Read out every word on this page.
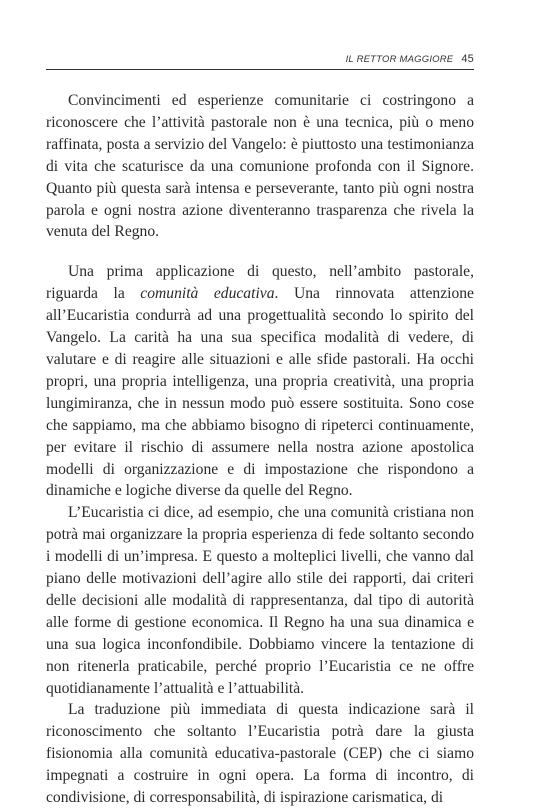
IL RETTOR MAGGIORE 45

Convincimenti ed esperienze comunitarie ci costringono a riconoscere che l’attività pastorale non è una tecnica, più o meno raffinata, posta a servizio del Vangelo: è piuttosto una testimonianza di vita che scaturisce da una comunione profonda con il Signore. Quanto più questa sarà intensa e perseverante, tanto più ogni nostra parola e ogni nostra azione diventeranno trasparenza che rivela la venuta del Regno.

Una prima applicazione di questo, nell’ambito pastorale, riguarda la comunità educativa. Una rinnovata attenzione all’Eucaristia condurrà ad una progettualità secondo lo spirito del Vangelo. La carità ha una sua specifica modalità di vedere, di valutare e di reagire alle situazioni e alle sfide pastorali. Ha occhi propri, una propria intelligenza, una propria creatività, una propria lungimiranza, che in nessun modo può essere sostituita. Sono cose che sappiamo, ma che abbiamo bisogno di ripeterci continuamente, per evitare il rischio di assumere nella nostra azione apostolica modelli di organizzazione e di impostazione che rispondono a dinamiche e logiche diverse da quelle del Regno.

L’Eucaristia ci dice, ad esempio, che una comunità cristiana non potrà mai organizzare la propria esperienza di fede soltanto secondo i modelli di un’impresa. E questo a molteplici livelli, che vanno dal piano delle motivazioni dell’agire allo stile dei rapporti, dai criteri delle decisioni alle modalità di rappresentanza, dal tipo di autorità alle forme di gestione economica. Il Regno ha una sua dinamica e una sua logica inconfondibile. Dobbiamo vincere la tentazione di non ritenerla praticabile, perché proprio l’Eucaristia ce ne offre quotidianamente l’attualità e l’attuabilità.

La traduzione più immediata di questa indicazione sarà il riconoscimento che soltanto l’Eucaristia potrà dare la giusta fisionomia alla comunità educativa-pastorale (CEP) che ci siamo impegnati a costruire in ogni opera. La forma di incontro, di condivisione, di corresponsabilità, di ispirazione carismatica, di
